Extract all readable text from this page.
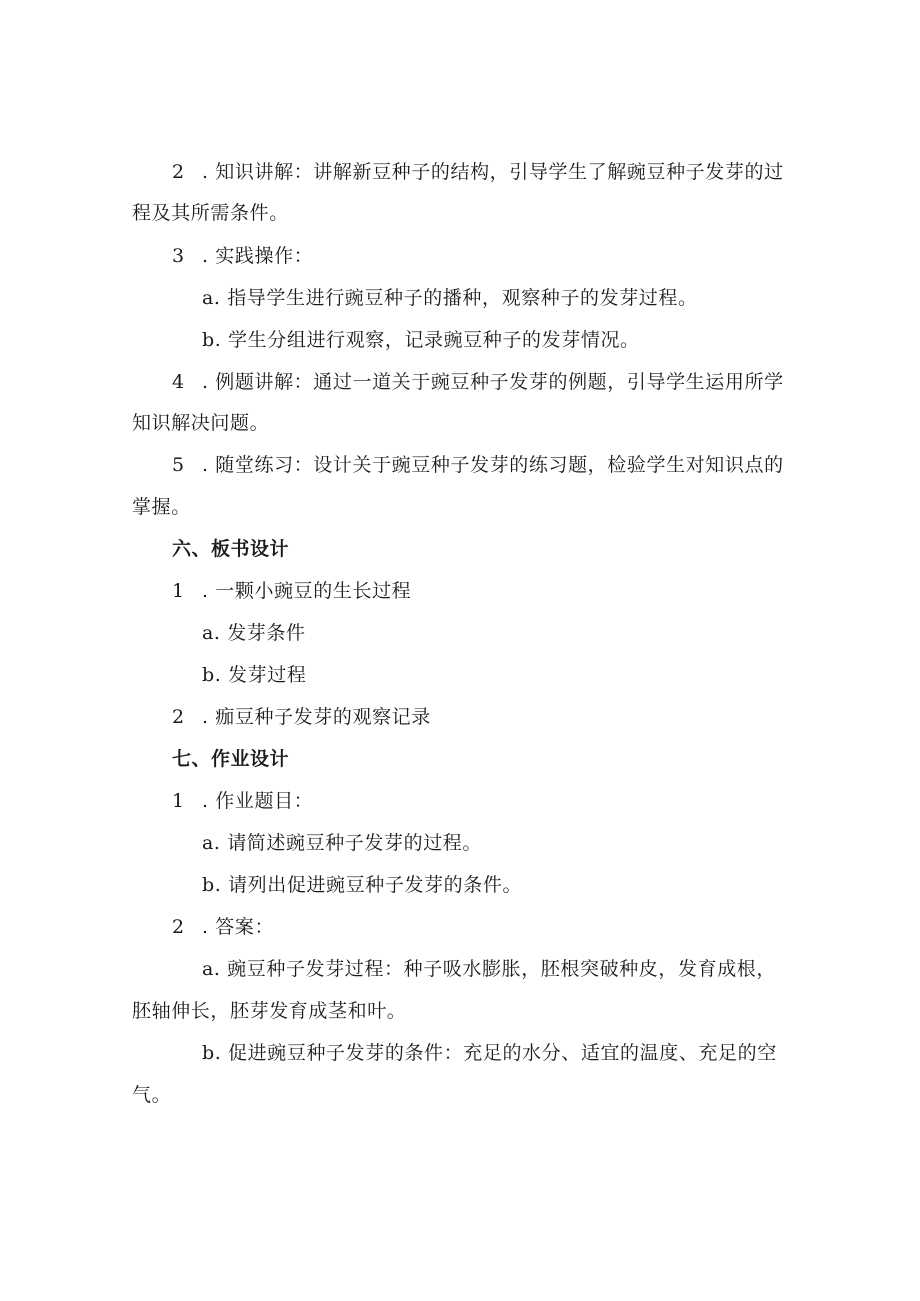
2 . 知识讲解：讲解新豆种子的结构，引导学生了解豌豆种子发芽的过
程及其所需条件。
3 . 实践操作：
a. 指导学生进行豌豆种子的播种，观察种子的发芽过程。
b. 学生分组进行观察，记录豌豆种子的发芽情况。
4 . 例题讲解：通过一道关于豌豆种子发芽的例题，引导学生运用所学
知识解决问题。
5 . 随堂练习：设计关于豌豆种子发芽的练习题，检验学生对知识点的
掌握。
六、板书设计
1 . 一颗小豌豆的生长过程
a. 发芽条件
b. 发芽过程
2 . 痂豆种子发芽的观察记录
七、作业设计
1 . 作业题目：
a. 请简述豌豆种子发芽的过程。
b. 请列出促进豌豆种子发芽的条件。
2 . 答案：
a. 豌豆种子发芽过程：种子吸水膨胀，胚根突破种皮，发育成根，
胚轴伸长，胚芽发育成茎和叶。
b. 促进豌豆种子发芽的条件：充足的水分、适宜的温度、充足的空
气。
